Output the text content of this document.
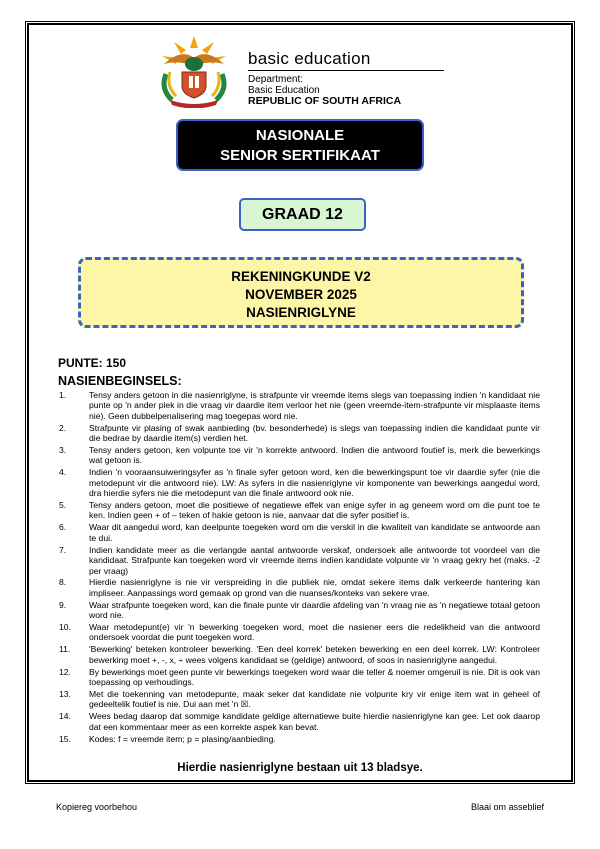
basic education
Department:
Basic Education
REPUBLIC OF SOUTH AFRICA
NASIONALE
SENIOR SERTIFIKAAT
GRAAD 12
REKENINGKUNDE V2
NOVEMBER 2025
NASIENRIGLYNE
PUNTE: 150
NASIENBEGINSELS:
1.	Tensy anders getoon in die nasienriglyne, is strafpunte vir vreemde items slegs van toepassing indien 'n kandidaat nie punte op 'n ander plek in die vraag vir daardie item verloor het nie (geen vreemde-item-strafpunte vir misplaaste items nie). Geen dubbelpenalisering mag toegepas word nie.
2.	Strafpunte vir plasing of swak aanbieding (bv. besonderhede) is slegs van toepassing indien die kandidaat punte vir die bedrae by daardie item(s) verdien het.
3.	Tensy anders getoon, ken volpunte toe vir 'n korrekte antwoord. Indien die antwoord foutief is, merk die bewerkings wat getoon is.
4.	Indien 'n vooraansuiweringsyfer as 'n finale syfer getoon word, ken die bewerkingspunt toe vir daardie syfer (nie die metodepunt vir die antwoord nie). LW: As syfers in die nasienriglyne vir komponente van bewerkings aangedui word, dra hierdie syfers nie die metodepunt van die finale antwoord ook nie.
5.	Tensy anders getoon, moet die positiewe of negatiewe effek van enige syfer in ag geneem word om die punt toe te ken. Indien geen + of – teken of hakie getoon is nie, aanvaar dat die syfer positief is.
6.	Waar dit aangedui word, kan deelpunte toegeken word om die verskil in die kwaliteit van kandidate se antwoorde aan te dui.
7.	Indien kandidate meer as die verlangde aantal antwoorde verskaf, ondersoek alle antwoorde tot voordeel van die kandidaat. Strafpunte kan toegeken word vir vreemde items indien kandidate volpunte vir 'n vraag gekry het (maks. -2 per vraag)
8.	Hierdie nasienriglyne is nie vir verspreiding in die publiek nie, omdat sekere items dalk verkeerde hantering kan impliseer. Aanpassings word gemaak op grond van die nuanses/konteks van sekere vrae.
9.	Waar strafpunte toegeken word, kan die finale punte vir daardie afdeling van 'n vraag nie as 'n negatiewe totaal getoon word nie.
10.	Waar metodepunt(e) vir 'n bewerking toegeken word, moet die nasiener eers die redelikheid van die antwoord ondersoek voordat die punt toegeken word.
11.	'Bewerking' beteken kontroleer bewerking. 'Een deel korrek' beteken bewerking en een deel korrek. LW: Kontroleer bewerking moet +, -, x, ÷ wees volgens kandidaat se (geldige) antwoord, of soos in nasienriglyne aangedui.
12.	By bewerkings moet geen punte vir bewerkings toegeken word waar die teller & noemer omgeruil is nie. Dit is ook van toepassing op verhoudings.
13.	Met die toekenning van metodepunte, maak seker dat kandidate nie volpunte kry vir enige item wat in geheel of gedeeltelik foutief is nie. Dui aan met 'n ☒.
14.	Wees bedag daarop dat sommige kandidate geldige alternatiewe buite hierdie nasienriglyne kan gee. Let ook daarop dat een kommentaar meer as een korrekte aspek kan bevat.
15.	Kodes: f = vreemde item; p = plasing/aanbieding.
Hierdie nasienriglyne bestaan uit 13 bladsye.
Kopiereg voorbehou	Blaai om asseblief
